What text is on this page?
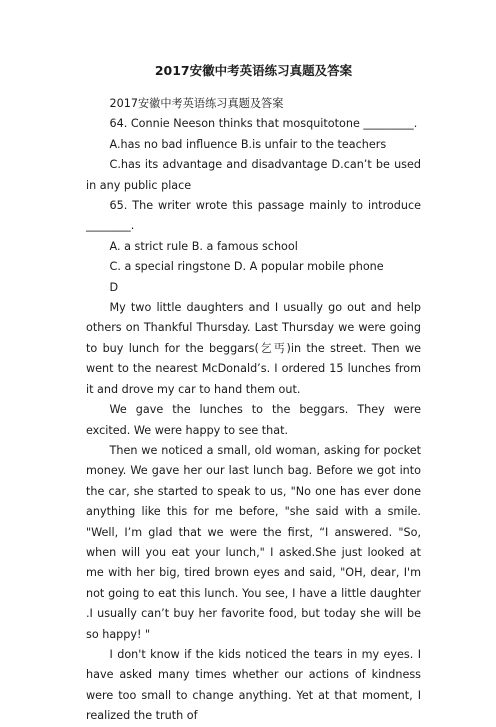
2017安徽中考英语练习真题及答案

2017安徽中考英语练习真题及答案

64. Connie Neeson thinks that mosquitotone _________.

A.has no bad influence B.is unfair to the teachers

C.has its advantage and disadvantage D.can’t be used in any public place

65. The writer wrote this passage mainly to introduce ________.

A. a strict rule B. a famous school

C. a special ringstone D. A popular mobile phone

D

My two little daughters and I usually go out and help others on Thankful Thursday. Last Thursday we were going to buy lunch for the beggars(乞丐)in the street. Then we went to the nearest McDonald’s. I ordered 15 lunches from it and drove my car to hand them out.

We gave the lunches to the beggars. They were excited. We were happy to see that.

Then we noticed a small, old woman, asking for pocket money. We gave her our last lunch bag. Before we got into the car, she started to speak to us, "No one has ever done anything like this for me before, "she said with a smile. "Well, I’m glad that we were the first, “I answered. "So, when will you eat your lunch," I asked.She just looked at me with her big, tired brown eyes and said, "OH, dear, I'm not going to eat this lunch. You see, I have a little daughter .I usually can’t buy her favorite food, but today she will be so happy! "

I don't know if the kids noticed the tears in my eyes. I have asked many times whether our actions of kindness were too small to change anything. Yet at that moment, I realized the truth of
